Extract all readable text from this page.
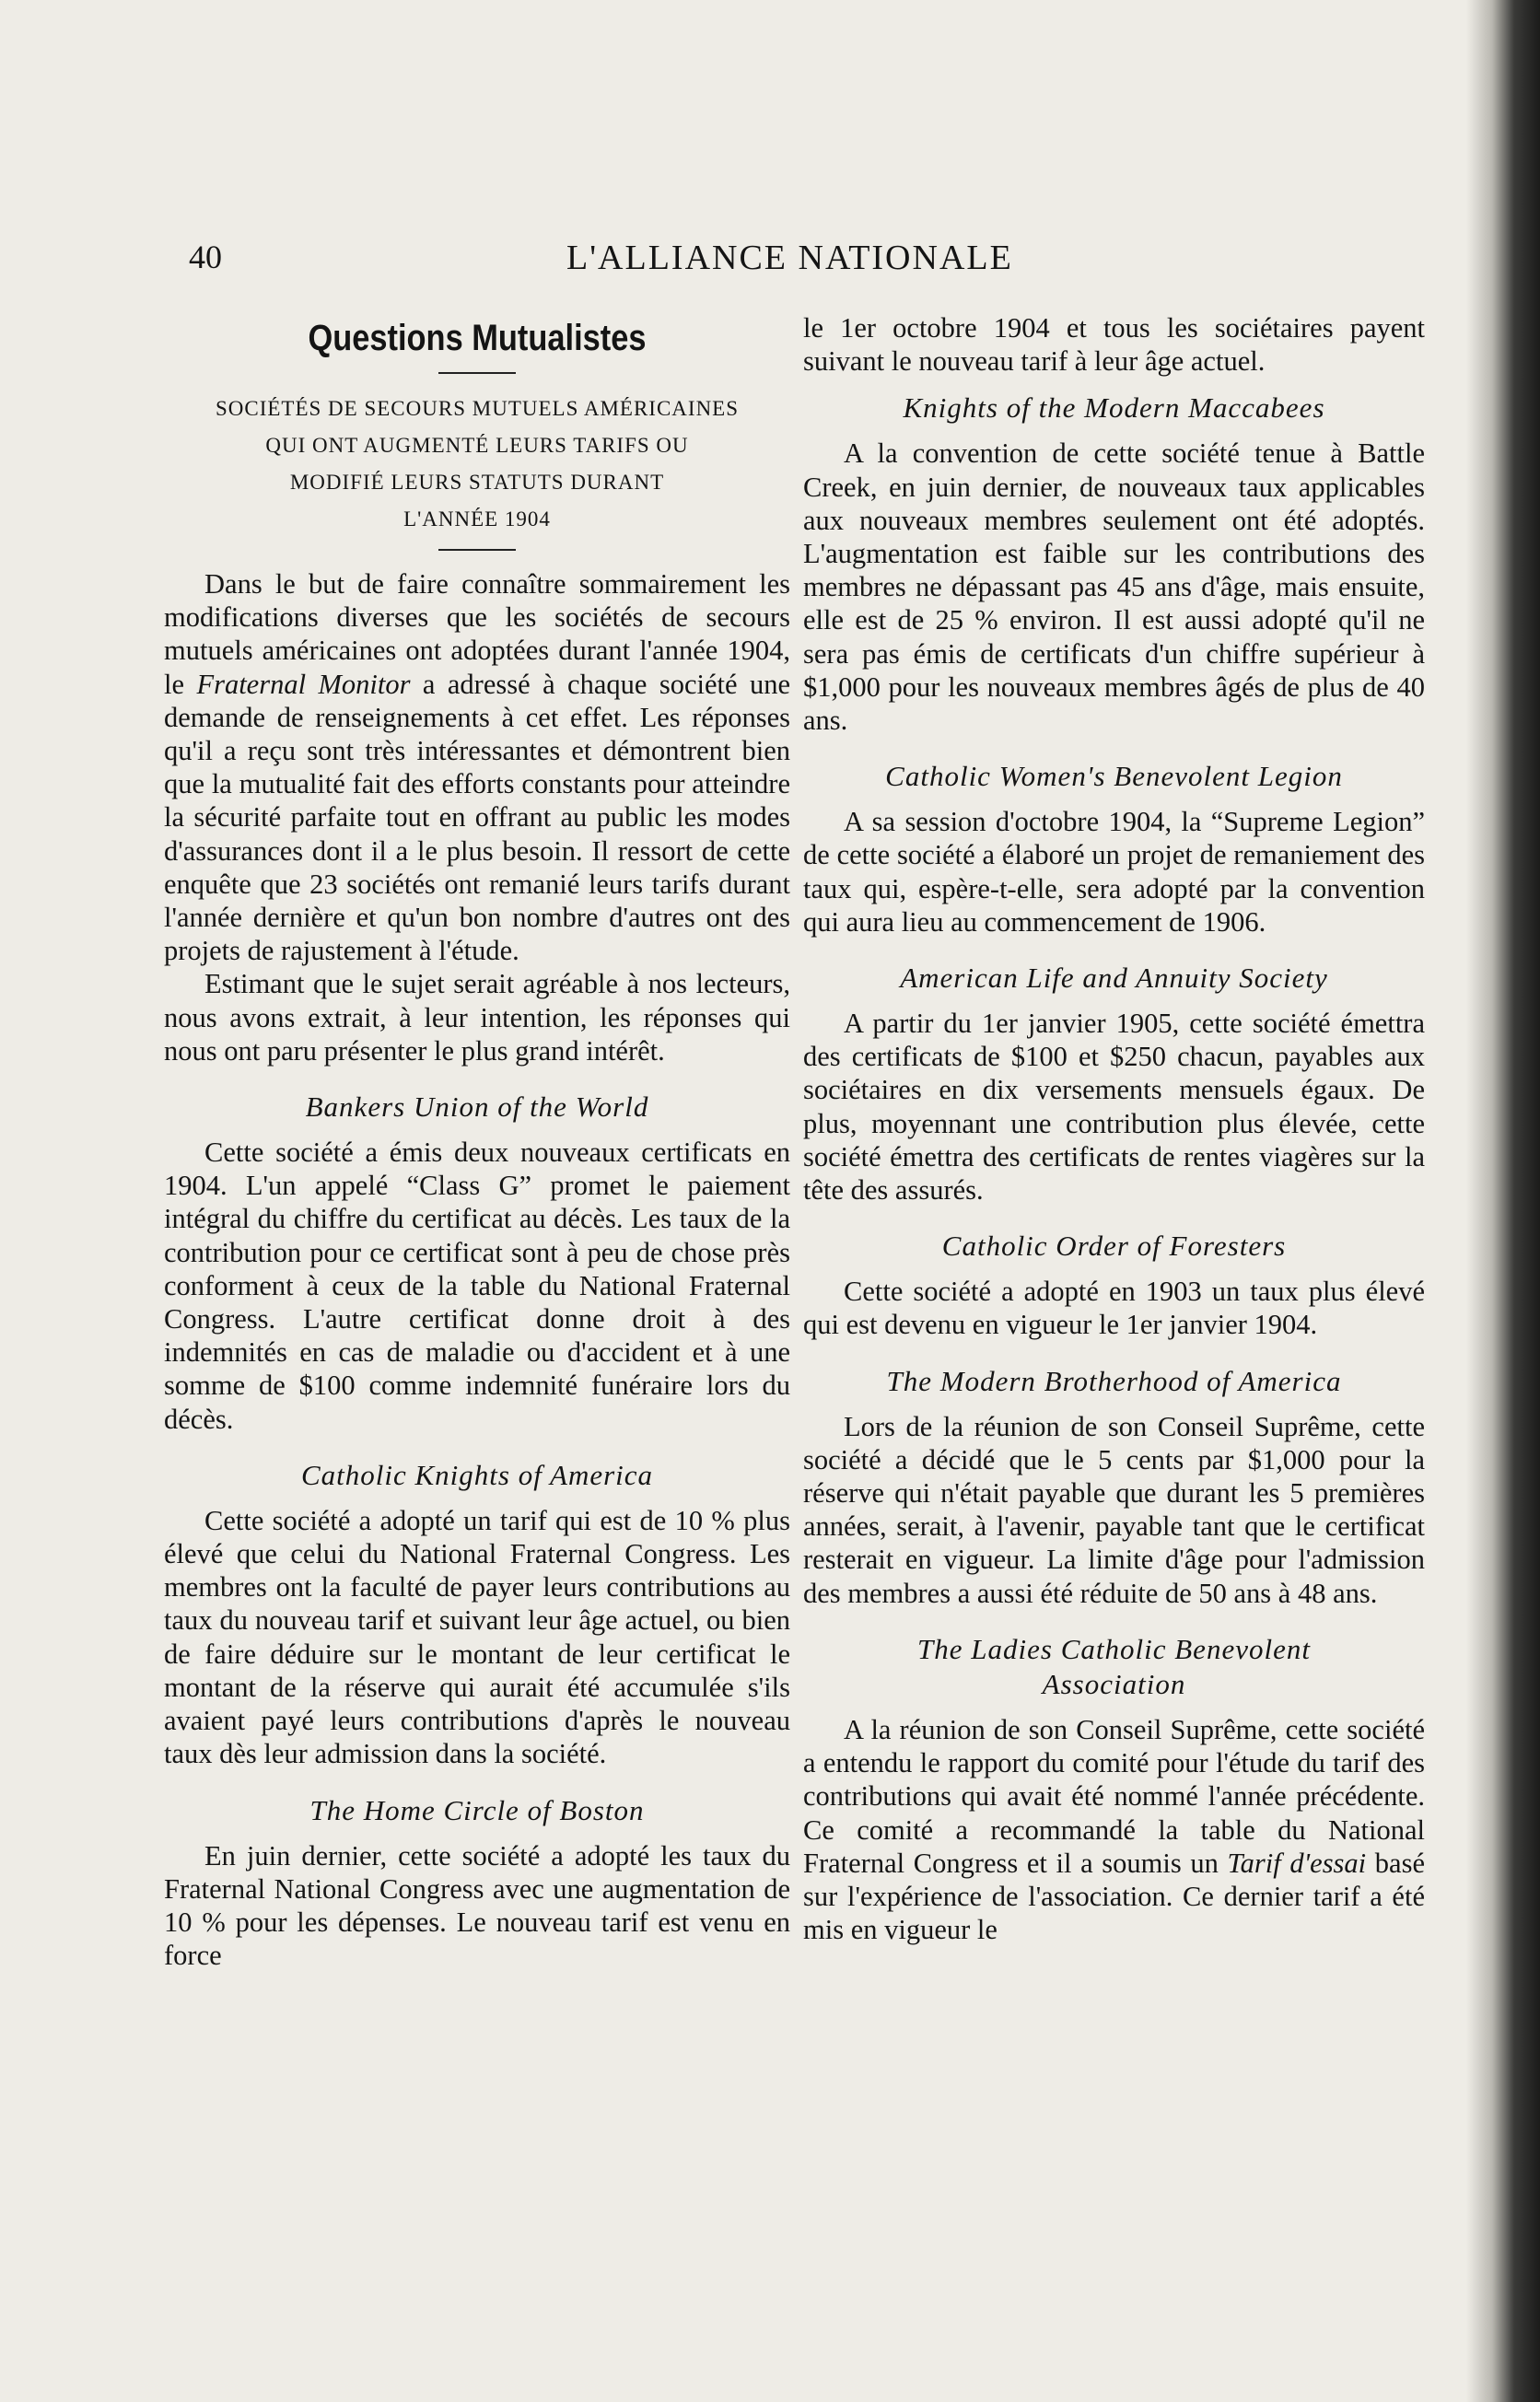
40	L'ALLIANCE NATIONALE
Questions Mutualistes

SOCIÉTÉS DE SECOURS MUTUELS AMÉRICAINES

QUI ONT AUGMENTÉ LEURS TARIFS OU

MODIFIÉ LEURS STATUTS DURANT

L'ANNÉE 1904

Dans le but de faire connaître sommairement les modifications diverses que les sociétés de secours mutuels américaines ont adoptées durant l'année 1904, le Fraternal Monitor a adressé à chaque société une demande de renseignements à cet effet. Les réponses qu'il a reçu sont très intéressantes et démontrent bien que la mutualité fait des efforts constants pour atteindre la sécurité parfaite tout en offrant au public les modes d'assurances dont il a le plus besoin. Il ressort de cette enquête que 23 sociétés ont remanié leurs tarifs durant l'année dernière et qu'un bon nombre d'autres ont des projets de rajustement à l'étude.

Estimant que le sujet serait agréable à nos lecteurs, nous avons extrait, à leur intention, les réponses qui nous ont paru présenter le plus grand intérêt.

Bankers Union of the World

Cette société a émis deux nouveaux certificats en 1904. L'un appelé “Class G” promet le paiement intégral du chiffre du certificat au décès. Les taux de la contribution pour ce certificat sont à peu de chose près conforment à ceux de la table du National Fraternal Congress. L'autre certificat donne droit à des indemnités en cas de maladie ou d'accident et à une somme de $100 comme indemnité funéraire lors du décès.

Catholic Knights of America

Cette société a adopté un tarif qui est de 10 % plus élevé que celui du National Fraternal Congress. Les membres ont la faculté de payer leurs contributions au taux du nouveau tarif et suivant leur âge actuel, ou bien de faire déduire sur le montant de leur certificat le montant de la réserve qui aurait été accumulée s'ils avaient payé leurs contributions d'après le nouveau taux dès leur admission dans la société.

The Home Circle of Boston

En juin dernier, cette société a adopté les taux du Fraternal National Congress avec une augmentation de 10 % pour les dépenses. Le nouveau tarif est venu en force

le 1er octobre 1904 et tous les sociétaires payent suivant le nouveau tarif à leur âge actuel.

Knights of the Modern Maccabees

A la convention de cette société tenue à Battle Creek, en juin dernier, de nouveaux taux applicables aux nouveaux membres seulement ont été adoptés. L'augmentation est faible sur les contributions des membres ne dépassant pas 45 ans d'âge, mais ensuite, elle est de 25 % environ. Il est aussi adopté qu'il ne sera pas émis de certificats d'un chiffre supérieur à $1,000 pour les nouveaux membres âgés de plus de 40 ans.

Catholic Women's Benevolent Legion

A sa session d'octobre 1904, la “Supreme Legion” de cette société a élaboré un projet de remaniement des taux qui, espère-t-elle, sera adopté par la convention qui aura lieu au commencement de 1906.

American Life and Annuity Society

A partir du 1er janvier 1905, cette société émettra des certificats de $100 et $250 chacun, payables aux sociétaires en dix versements mensuels égaux. De plus, moyennant une contribution plus élevée, cette société émettra des certificats de rentes viagères sur la tête des assurés.

Catholic Order of Foresters

Cette société a adopté en 1903 un taux plus élevé qui est devenu en vigueur le 1er janvier 1904.

The Modern Brotherhood of America

Lors de la réunion de son Conseil Suprême, cette société a décidé que le 5 cents par $1,000 pour la réserve qui n'était payable que durant les 5 premières années, serait, à l'avenir, payable tant que le certificat resterait en vigueur. La limite d'âge pour l'admission des membres a aussi été réduite de 50 ans à 48 ans.

The Ladies Catholic Benevolent
Association

A la réunion de son Conseil Suprême, cette société a entendu le rapport du comité pour l'étude du tarif des contributions qui avait été nommé l'année précédente. Ce comité a recommandé la table du National Fraternal Congress et il a soumis un Tarif d'essai basé sur l'expérience de l'association. Ce dernier tarif a été mis en vigueur le
